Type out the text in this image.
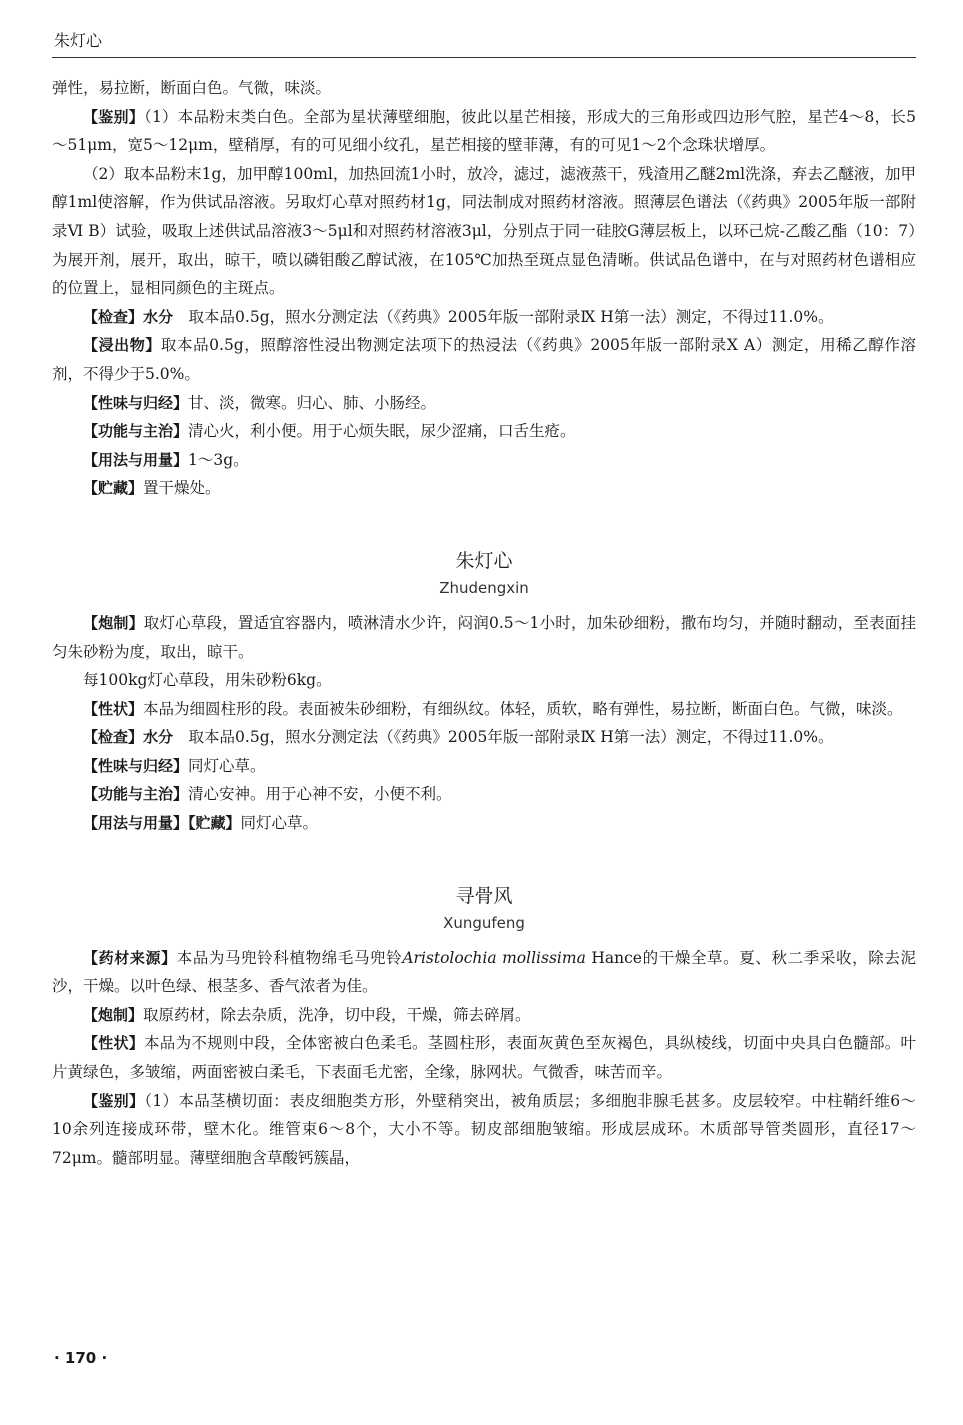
朱灯心

弹性，易拉断，断面白色。气微，味淡。

【鉴别】（1）本品粉末类白色。全部为星状薄壁细胞，彼此以星芒相接，形成大的三角形或四边形气腔，星芒4～8，长5～51μm，宽5～12μm，壁稍厚，有的可见细小纹孔，星芒相接的壁菲薄，有的可见1～2个念珠状增厚。

（2）取本品粉末1g，加甲醇100ml，加热回流1小时，放冷，滤过，滤液蒸干，残渣用乙醚2ml洗涤，弃去乙醚液，加甲醇1ml使溶解，作为供试品溶液。另取灯心草对照药材1g，同法制成对照药材溶液。照薄层色谱法（《药典》2005年版一部附录Ⅵ B）试验，吸取上述供试品溶液3～5μl和对照药材溶液3μl，分别点于同一硅胶G薄层板上，以环己烷-乙酸乙酯（10：7）为展开剂，展开，取出，晾干，喷以磷钼酸乙醇试液，在105℃加热至斑点显色清晰。供试品色谱中，在与对照药材色谱相应的位置上，显相同颜色的主斑点。

【检查】水分　 取本品0.5g，照水分测定法（《药典》2005年版一部附录Ⅸ H第一法）测定，不得过11.0%。

【浸出物】取本品0.5g，照醇溶性浸出物测定法项下的热浸法（《药典》2005年版一部附录Ⅹ A）测定，用稀乙醇作溶剂，不得少于5.0%。

【性味与归经】甘、淡，微寒。归心、肺、小肠经。

【功能与主治】清心火，利小便。用于心烦失眠，尿少涩痛，口舌生疮。

【用法与用量】1～3g。

【贮藏】置干燥处。

朱灯心
Zhudengxin

【炮制】取灯心草段，置适宜容器内，喷淋清水少许，闷润0.5～1小时，加朱砂细粉，撒布均匀，并随时翻动，至表面挂匀朱砂粉为度，取出，晾干。

每100kg灯心草段，用朱砂粉6kg。

【性状】本品为细圆柱形的段。表面被朱砂细粉，有细纵纹。体轻，质软，略有弹性，易拉断，断面白色。气微，味淡。

【检查】水分　 取本品0.5g，照水分测定法（《药典》2005年版一部附录Ⅸ H第一法）测定，不得过11.0%。

【性味与归经】同灯心草。

【功能与主治】清心安神。用于心神不安，小便不利。

【用法与用量】【贮藏】同灯心草。

寻骨风
Xungufeng

【药材来源】本品为马兜铃科植物绵毛马兜铃Aristolochia mollissima Hance的干燥全草。夏、秋二季采收，除去泥沙，干燥。以叶色绿、根茎多、香气浓者为佳。

【炮制】取原药材，除去杂质，洗净，切中段，干燥，筛去碎屑。

【性状】本品为不规则中段，全体密被白色柔毛。茎圆柱形，表面灰黄色至灰褐色，具纵棱线，切面中央具白色髓部。叶片黄绿色，多皱缩，两面密被白柔毛，下表面毛尤密，全缘，脉网状。气微香，味苦而辛。

【鉴别】（1）本品茎横切面：表皮细胞类方形，外壁稍突出，被角质层；多细胞非腺毛甚多。皮层较窄。中柱鞘纤维6～10余列连接成环带，壁木化。维管束6～8个，大小不等。韧皮部细胞皱缩。形成层成环。木质部导管类圆形，直径17～72μm。髓部明显。薄壁细胞含草酸钙簇晶，

· 170 ·
